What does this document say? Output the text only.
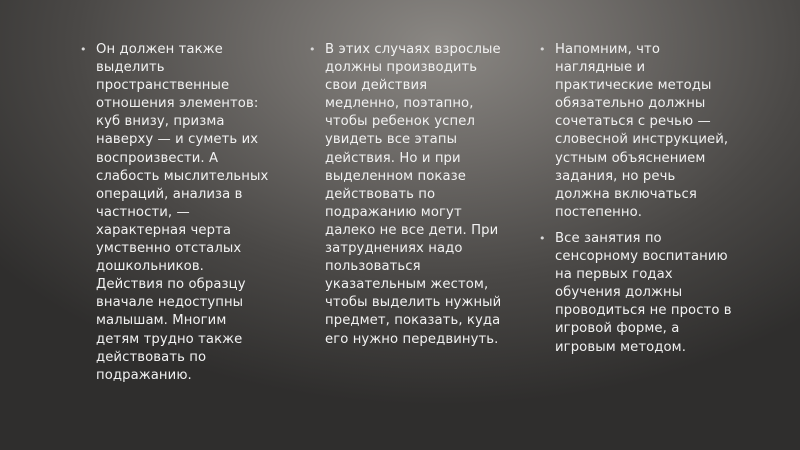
• Он должен также выделить пространственные отношения элементов: куб внизу, призма наверху — и суметь их воспроизвести. А слабость мыслительных операций, анализа в частности, — характерная черта умственно отсталых дошкольников. Действия по образцу вначале недоступны малышам. Многим детям трудно также действовать по подражанию.
• В этих случаях взрослые должны производить свои действия медленно, поэтапно, чтобы ребенок успел увидеть все этапы действия. Но и при выделенном показе действовать по подражанию могут далеко не все дети. При затруднениях надо пользоваться указательным жестом, чтобы выделить нужный предмет, показать, куда его нужно передвинуть.
• Напомним, что наглядные и практические методы обязательно должны сочетаться с речью — словесной инструкцией, устным объяснением задания, но речь должна включаться постепенно.
• Все занятия по сенсорному воспитанию на первых годах обучения должны проводиться не просто в игровой форме, а игровым методом.
